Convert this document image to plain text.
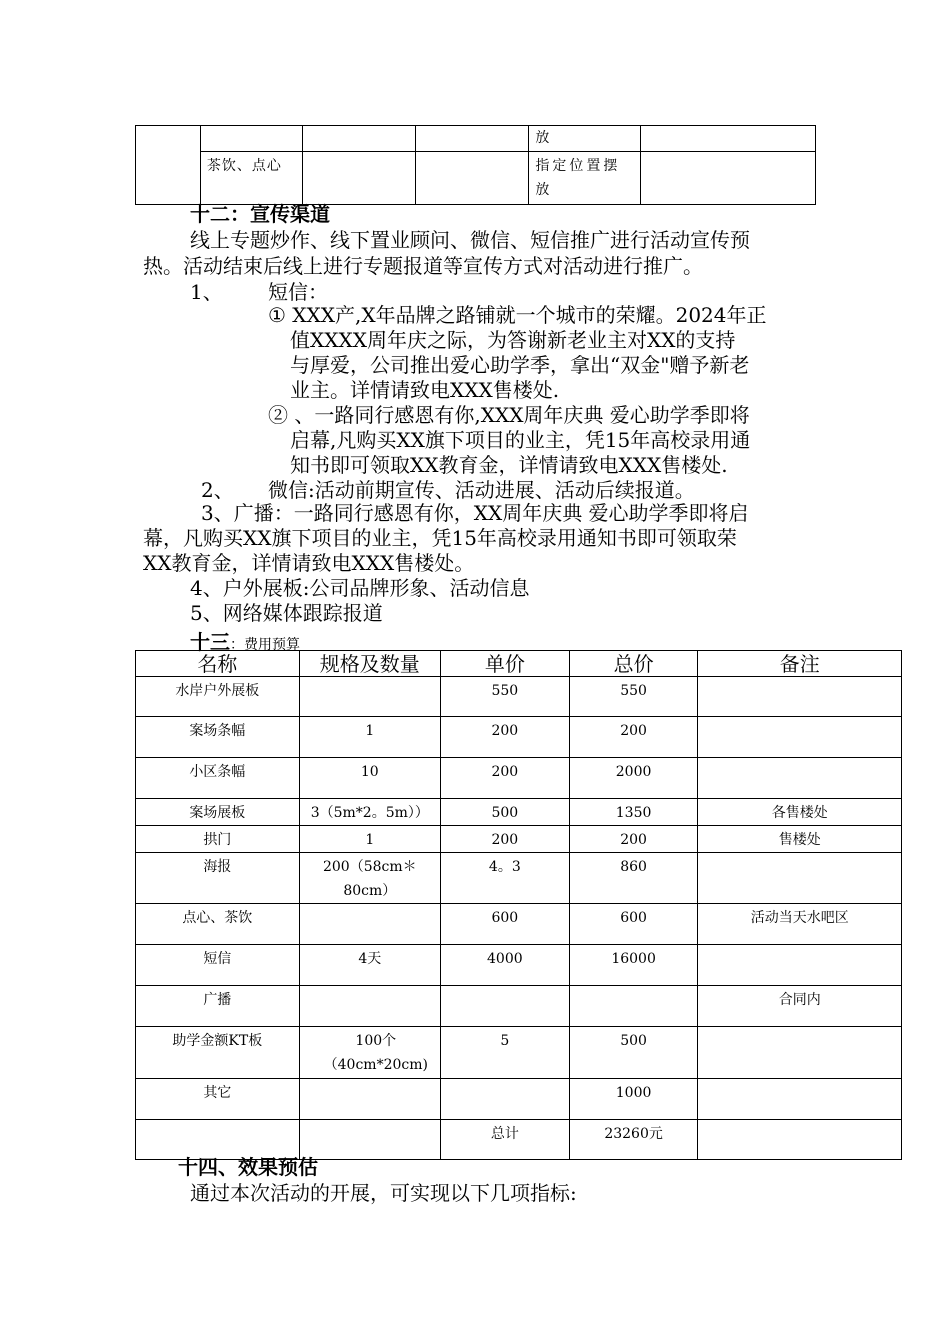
				放	
	茶饮、点心			指定位置摆放	
十二：宣传渠道
线上专题炒作、线下置业顾问、微信、短信推广进行活动宣传预
热。活动结束后线上进行专题报道等宣传方式对活动进行推广。
1、 短信：
① XXX产,X年品牌之路铺就一个城市的荣耀。2024年正
值XXXX周年庆之际，为答谢新老业主对XX的支持
与厚爱，公司推出爱心助学季，拿出“双金"赠予新老
业主。详情请致电XXX售楼处.
② 、一路同行感恩有你,XXX周年庆典 爱心助学季即将
启幕,凡购买XX旗下项目的业主，凭15年高校录用通
知书即可领取XX教育金，详情请致电XXX售楼处.
2、 微信:活动前期宣传、活动进展、活动后续报道。
3、广播：一路同行感恩有你，XX周年庆典 爱心助学季即将启
幕，凡购买XX旗下项目的业主，凭15年高校录用通知书即可领取荣
XX教育金，详情请致电XXX售楼处。
4、户外展板:公司品牌形象、活动信息
5、网络媒体跟踪报道
十三：费用预算
名称	规格及数量	单价	总价	备注
水岸户外展板		550	550	
案场条幅	1	200	200	
小区条幅	10	200	2000	
案场展板	3（5m*2。5m））	500	1350	各售楼处
拱门	1	200	200	售楼处
海报	200（58cm＊80cm）	4。3	860	
点心、茶饮		600	600	活动当天水吧区
短信	4天	4000	16000	
广播				合同内
助学金额KT板	100个（40cm*20cm)	5	500	
其它			1000	
		总计	23260元	
十四、效果预估
通过本次活动的开展，可实现以下几项指标:
